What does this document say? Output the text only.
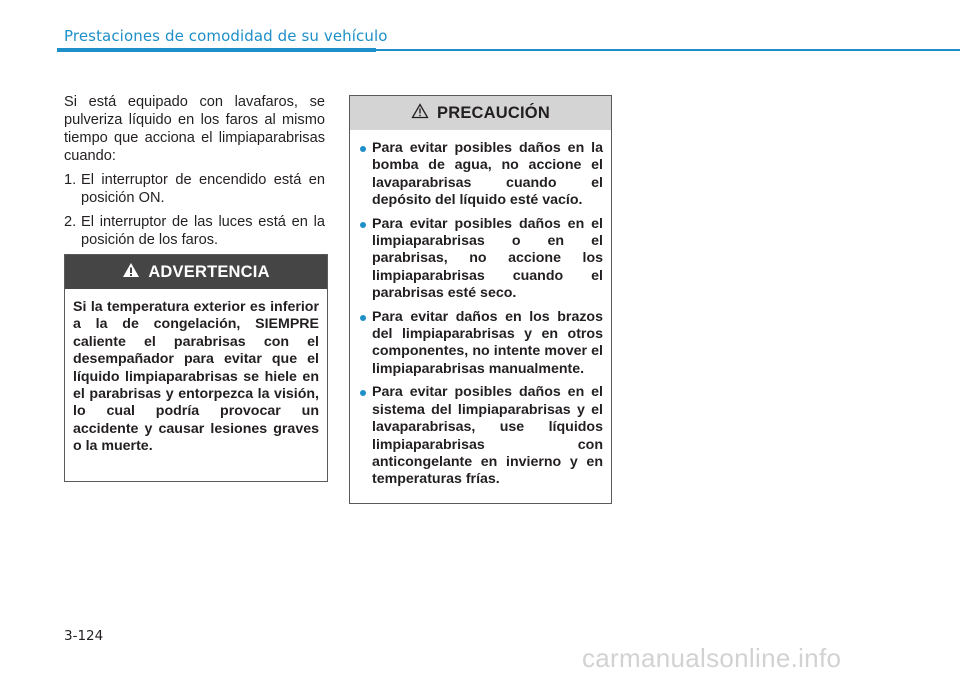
Prestaciones de comodidad de su vehículo

Si está equipado con lavafaros, se pulveriza líquido en los faros al mismo tiempo que acciona el limpiaparabrisas cuando:

1. El interruptor de encendido está en posición ON.
2. El interruptor de las luces está en la posición de los faros.
ADVERTENCIA
Si la temperatura exterior es inferior a la de congelación, SIEMPRE caliente el parabrisas con el desempañador para evitar que el líquido limpiaparabrisas se hiele en el parabrisas y entorpezca la visión, lo cual podría provocar un accidente y causar lesiones graves o la muerte.
PRECAUCIÓN
Para evitar posibles daños en la bomba de agua, no accione el lavaparabrisas cuando el depósito del líquido esté vacío.
Para evitar posibles daños en el limpiaparabrisas o en el parabrisas, no accione los limpiaparabrisas cuando el parabrisas esté seco.
Para evitar daños en los brazos del limpiaparabrisas y en otros componentes, no intente mover el limpiaparabrisas manualmente.
Para evitar posibles daños en el sistema del limpiaparabrisas y el lavaparabrisas, use líquidos limpiaparabrisas con anticongelante en invierno y en temperaturas frías.
3-124
carmanualsonline.info
